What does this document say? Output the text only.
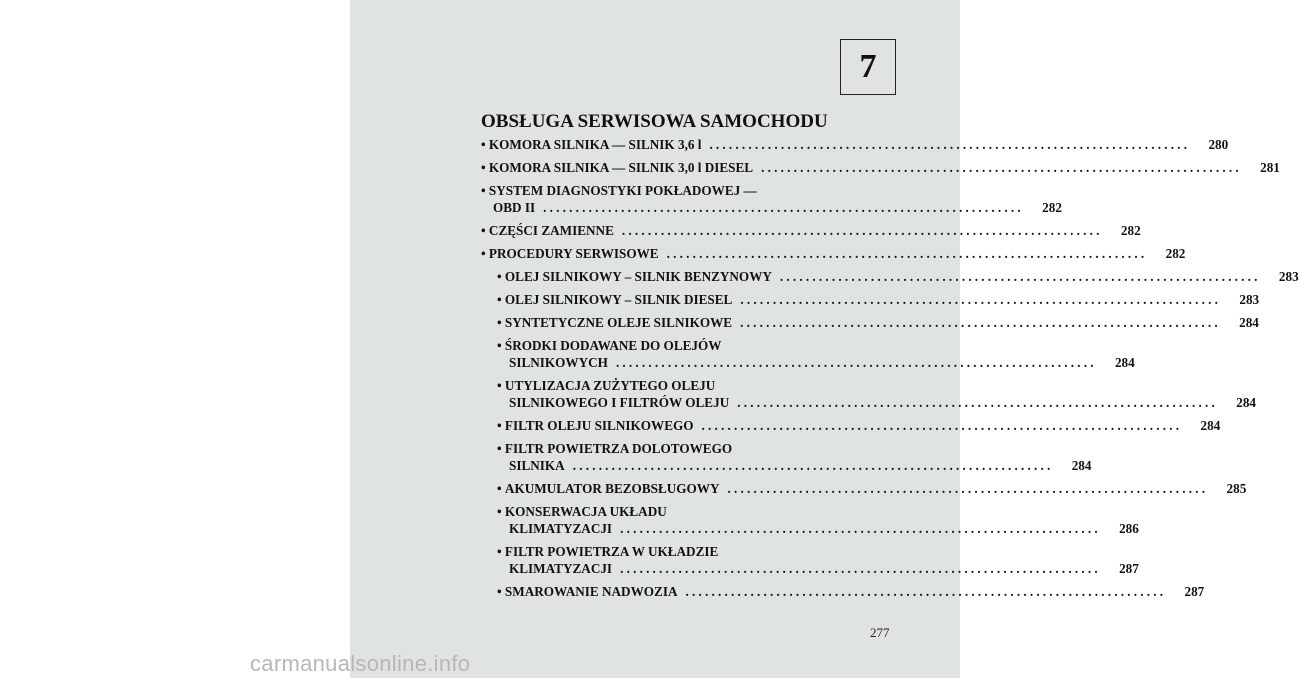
7
OBSŁUGA SERWISOWA SAMOCHODU
•
KOMORA SILNIKA — SILNIK 3,6 l ..........................................................................	280
•
KOMORA SILNIKA — SILNIK 3,0 l DIESEL ..........................................................................	281
•
SYSTEM DIAGNOSTYKI POKŁADOWEJ —
OBD II ..........................................................................	282
•
CZĘŚCI ZAMIENNE ..........................................................................	282
•
PROCEDURY SERWISOWE ..........................................................................	282
•
OLEJ SILNIKOWY – SILNIK BENZYNOWY ..........................................................................	283
•
OLEJ SILNIKOWY – SILNIK DIESEL ..........................................................................	283
•
SYNTETYCZNE OLEJE SILNIKOWE ..........................................................................	284
•
ŚRODKI DODAWANE DO OLEJÓW
SILNIKOWYCH ..........................................................................	284
•
UTYLIZACJA ZUŻYTEGO OLEJU
SILNIKOWEGO I FILTRÓW OLEJU ..........................................................................	284
•
FILTR OLEJU SILNIKOWEGO ..........................................................................	284
•
FILTR POWIETRZA DOLOTOWEGO
SILNIKA ..........................................................................	284
•
AKUMULATOR BEZOBSŁUGOWY ..........................................................................	285
•
KONSERWACJA UKŁADU
KLIMATYZACJI ..........................................................................	286
•
FILTR POWIETRZA W UKŁADZIE
KLIMATYZACJI ..........................................................................	287
•
SMAROWANIE NADWOZIA ..........................................................................	287
277
carmanualsonline.info
